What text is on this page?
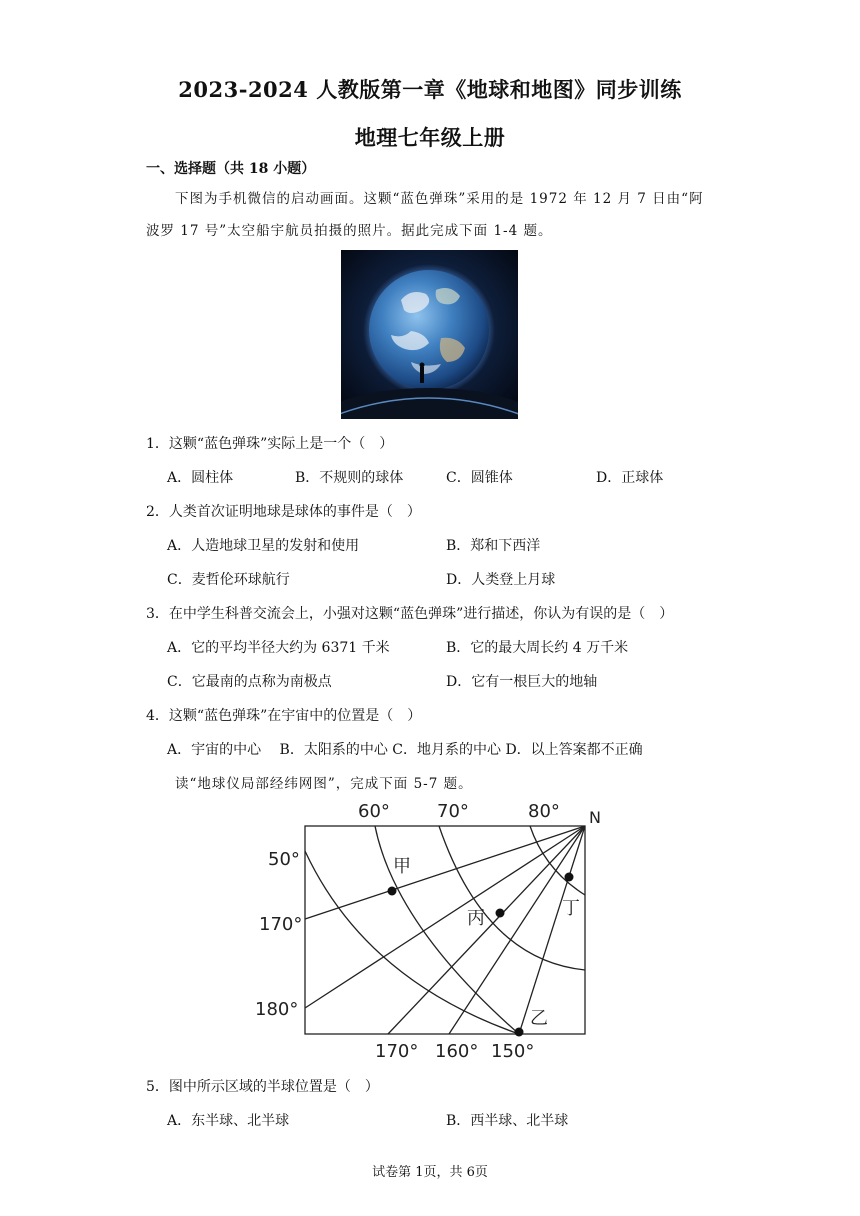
2023-2024 人教版第一章《地球和地图》同步训练
地理七年级上册
一、选择题（共 18 小题）
下图为手机微信的启动画面。这颗“蓝色弹珠”采用的是 1972 年 12 月 7 日由“阿
波罗 17 号”太空船宇航员拍摄的照片。据此完成下面 1-4 题。
1．这颗“蓝色弹珠”实际上是一个（　）
A．圆柱体	B．不规则的球体	C．圆锥体	D．正球体
2．人类首次证明地球是球体的事件是（　）
A．人造地球卫星的发射和使用	B．郑和下西洋
C．麦哲伦环球航行	D．人类登上月球
3．在中学生科普交流会上，小强对这颗“蓝色弹珠”进行描述，你认为有误的是（　）
A．它的平均半径大约为 6371 千米	B．它的最大周长约 4 万千米
C．它最南的点称为南极点	D．它有一根巨大的地轴
4．这颗“蓝色弹珠”在宇宙中的位置是（　）
A．宇宙的中心　 B．太阳系的中心 C．地月系的中心 D．以上答案都不正确
读“地球仪局部经纬网图”，完成下面 5-7 题。
60°	70°	80° N
50°
170°
180°
170° 160° 150°
甲
丙	丁
乙
5．图中所示区域的半球位置是（　）
A．东半球、北半球	B．西半球、北半球
试卷第 1页，共 6页
